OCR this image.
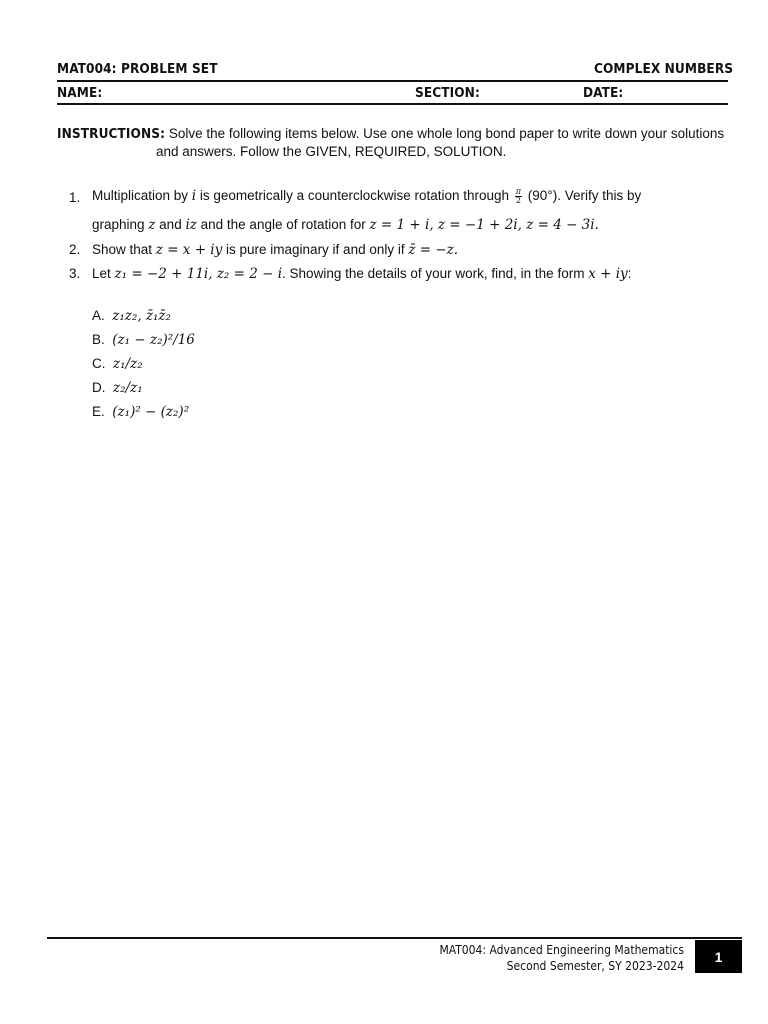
MAT004: PROBLEM SET	COMPLEX NUMBERS
NAME:	SECTION:	DATE:
INSTRUCTIONS: Solve the following items below. Use one whole long bond paper to write down your solutions
and answers. Follow the GIVEN, REQUIRED, SOLUTION.
1. Multiplication by i is geometrically a counterclockwise rotation through $\frac{\pi}{2} (90^\circ)$. Verify this by
graphing z and iz and the angle of rotation for z = 1 + i, z = −1 + 2i, z = 4 − 3i.
2. Show that z = x + iy is pure imaginary if and only if z̄ = −z.
3. Let z₁ = −2 + 11i, z₂ = 2 − i. Showing the details of your work, find, in the form x + iy:
A. z₁z₂, z̄₁z̄₂
B. (z₁ − z₂)²/16
C. z₁/z₂
D. z₂/z₁
E. (z₁)² − (z₂)²
MAT004: Advanced Engineering Mathematics
Second Semester, SY 2023-2024
1
